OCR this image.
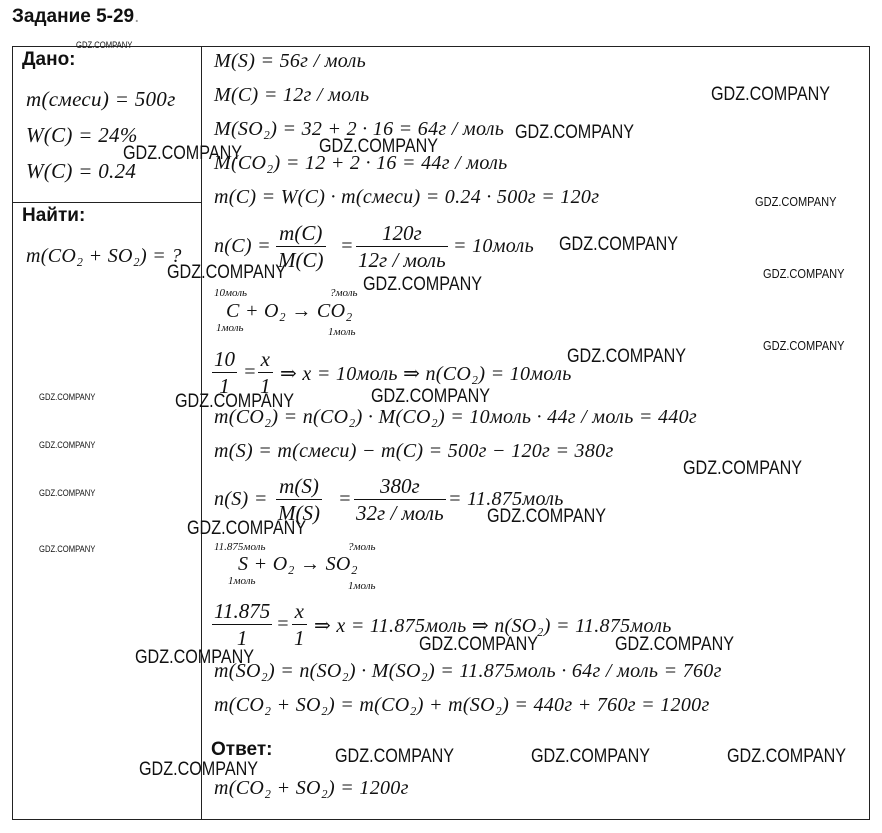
Задание 5-29.
Дано:
m(смеси) = 500г
W(C) = 24%
W(C) = 0.24
Найти:
m(CO₂ + SO₂) = ?
M(S) = 56г / моль
M(C) = 12г / моль
M(SO₂) = 32 + 2 · 16 = 64г / моль
M(CO₂) = 12 + 2 · 16 = 44г / моль
m(C) = W(C) · m(смеси) = 0.24 · 500г = 120г
$n(C) = \frac{m(C)}{M(C)}$ =
120г
12г / моль
= 10моль
10моль	?моль
C + O₂ → CO₂
1моль	1моль
$\frac{10}{1} = \frac{x}{1}$ ⇒ x = 10моль ⇒ n(CO₂) = 10моль
m(CO₂) = n(CO₂) · M(CO₂) = 10моль · 44г / моль = 440г
m(S) = m(смеси) − m(C) = 500г − 120г = 380г
$n(S) = \frac{m(S)}{M(S)}$ =
380г
32г / моль
= 11.875моль
11.875моль	?моль
S + O₂ → SO₂
1моль	1моль
$\frac{11.875}{1} = \frac{x}{1}$ ⇒ x = 11.875моль ⇒ n(SO₂) = 11.875моль
m(SO₂) = n(SO₂) · M(SO₂) = 11.875моль · 64г / моль = 760г
m(CO₂ + SO₂) = m(CO₂) + m(SO₂) = 440г + 760г = 1200г
Ответ:
m(CO₂ + SO₂) = 1200г
GDZ.COMPANY
GDZ.COMPANY
GDZ.COMPANY
GDZ.COMPANY
GDZ.COMPANY
GDZ.COMPANY
GDZ.COMPANY
GDZ.COMPANY	GDZ.COMPANY
GDZ.COMPANY
GDZ.COMPANY
GDZ.COMPANY
GDZ.COMPANY
GDZ.COMPANY	GDZ.COMPANY
GDZ.COMPANY
GDZ.COMPANY
GDZ.COMPANY
GDZ.COMPANY
GDZ.COMPANY
GDZ.COMPANY
GDZ.COMPANY	GDZ.COMPANY
GDZ.COMPANY
GDZ.COMPANY	GDZ.COMPANY	GDZ.COMPANY
GDZ.COMPANY
